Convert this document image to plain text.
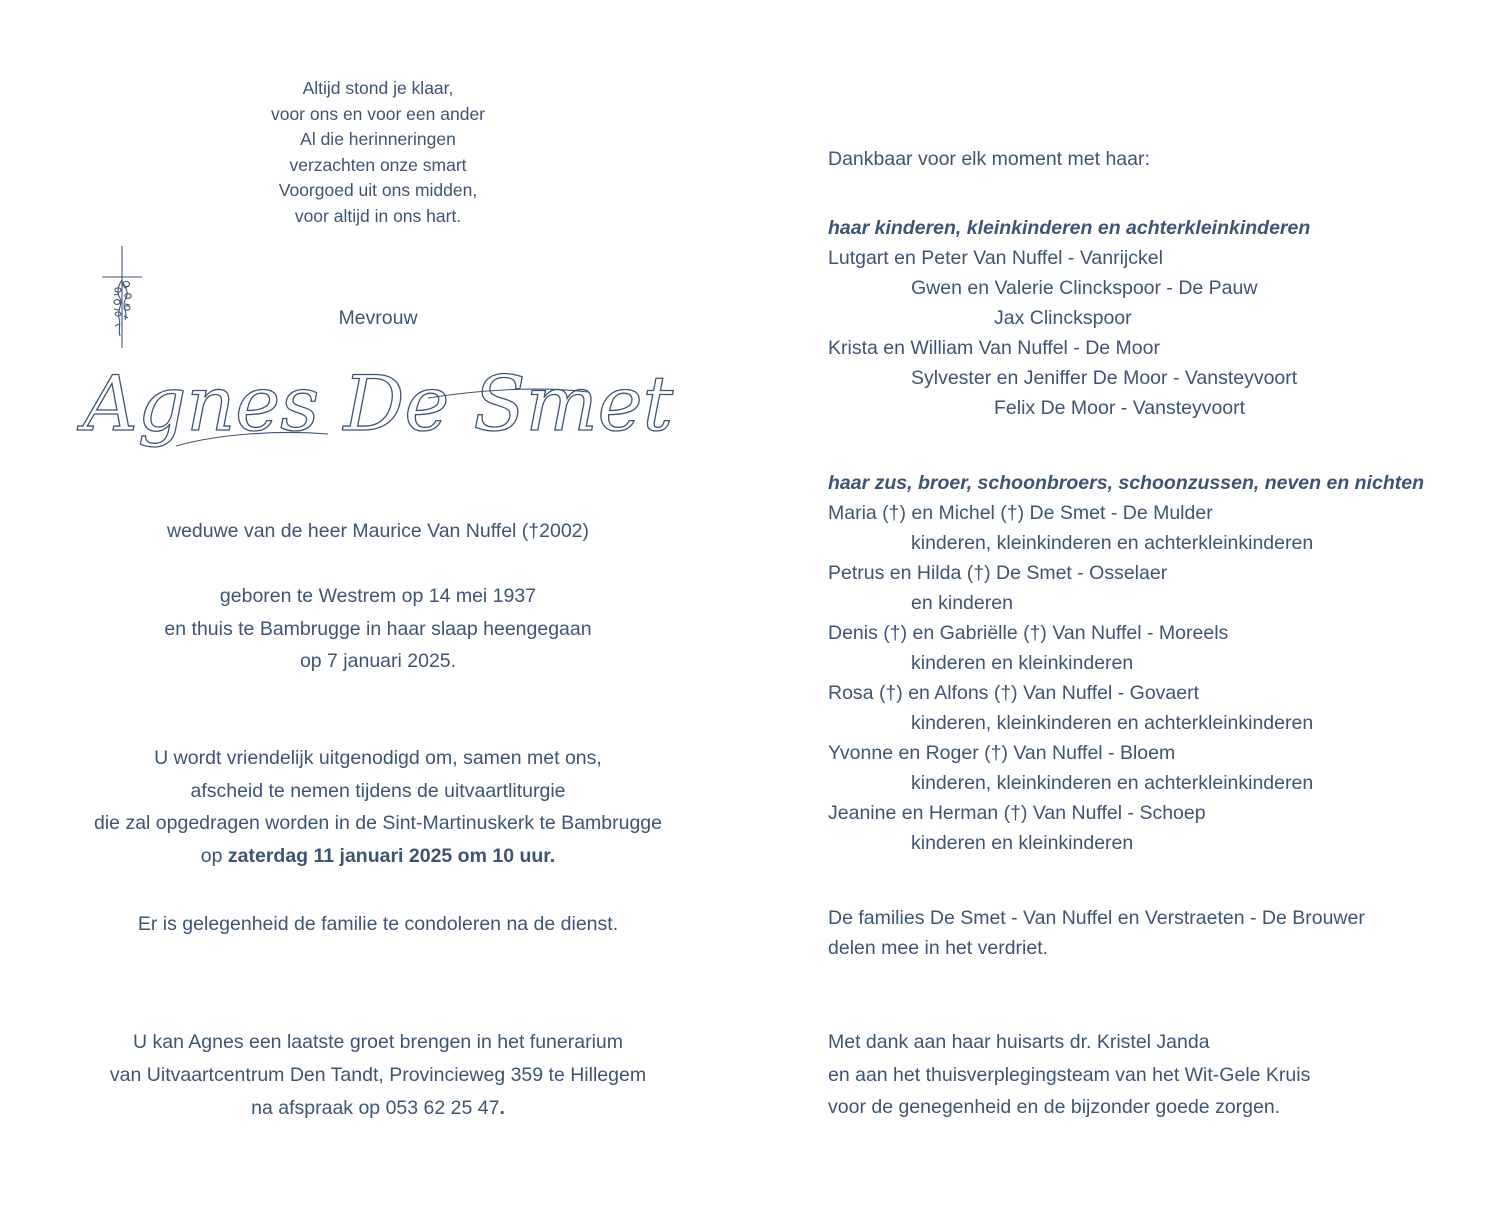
Altijd stond je klaar,
voor ons en voor een ander
Al die herinneringen
verzachten onze smart
Voorgoed uit ons midden,
voor altijd in ons hart.
Mevrouw
Agnes De Smet
weduwe van de heer Maurice Van Nuffel (†2002)
geboren te Westrem op 14 mei 1937
en thuis te Bambrugge in haar slaap heengegaan
op 7 januari 2025.
U wordt vriendelijk uitgenodigd om, samen met ons,
afscheid te nemen tijdens de uitvaartliturgie
die zal opgedragen worden in de Sint-Martinuskerk te Bambrugge
op zaterdag 11 januari 2025 om 10 uur.
Er is gelegenheid de familie te condoleren na de dienst.
U kan Agnes een laatste groet brengen in het funerarium
van Uitvaartcentrum Den Tandt, Provincieweg 359 te Hillegem
na afspraak op 053 62 25 47.
Dankbaar voor elk moment met haar:
haar kinderen, kleinkinderen en achterkleinkinderen
Lutgart en Peter Van Nuffel - Vanrijckel
Gwen en Valerie Clinckspoor - De Pauw
Jax Clinckspoor
Krista en William Van Nuffel - De Moor
Sylvester en Jeniffer De Moor - Vansteyvoort
Felix De Moor - Vansteyvoort
haar zus, broer, schoonbroers, schoonzussen, neven en nichten
Maria (†) en Michel (†) De Smet - De Mulder
kinderen, kleinkinderen en achterkleinkinderen
Petrus en Hilda (†) De Smet - Osselaer
en kinderen
Denis (†) en Gabriëlle (†) Van Nuffel - Moreels
kinderen en kleinkinderen
Rosa (†) en Alfons (†) Van Nuffel - Govaert
kinderen, kleinkinderen en achterkleinkinderen
Yvonne en Roger (†) Van Nuffel - Bloem
kinderen, kleinkinderen en achterkleinkinderen
Jeanine en Herman (†) Van Nuffel - Schoep
kinderen en kleinkinderen
De families De Smet - Van Nuffel en Verstraeten - De Brouwer
delen mee in het verdriet.
Met dank aan haar huisarts dr. Kristel Janda
en aan het thuisverplegingsteam van het Wit-Gele Kruis
voor de genegenheid en de bijzonder goede zorgen.
